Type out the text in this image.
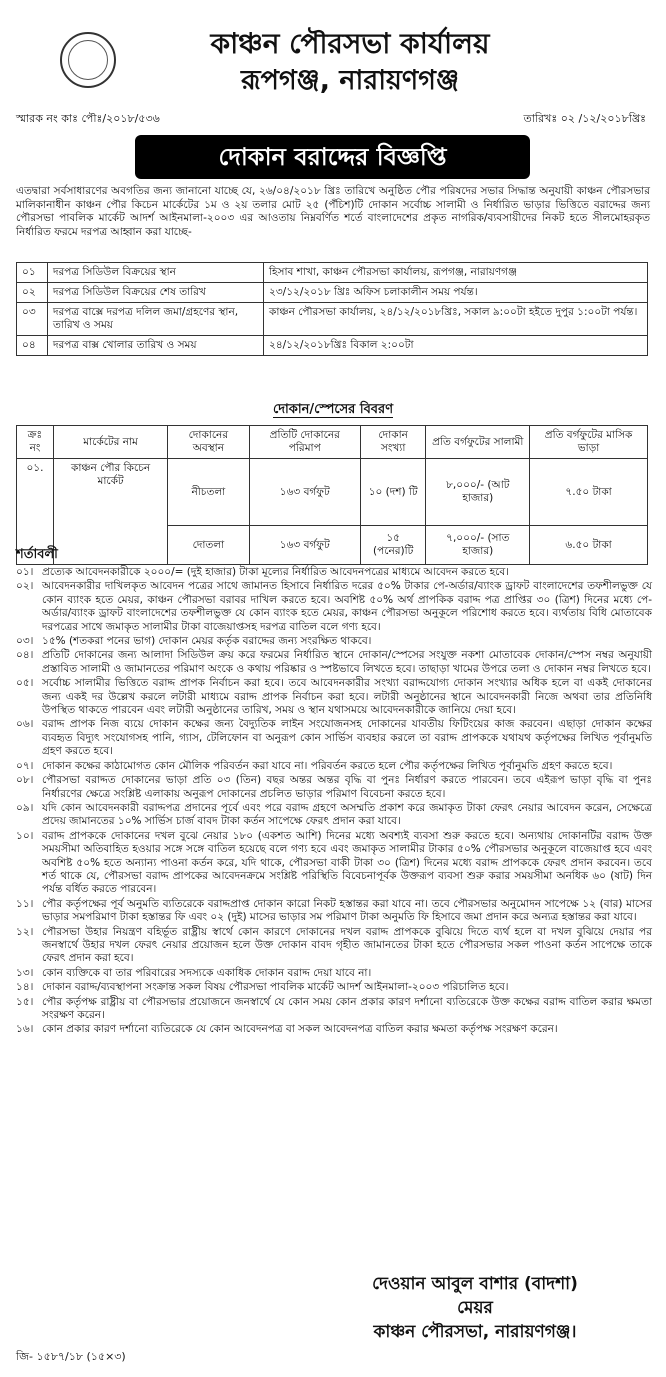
কাঞ্চন পৌরসভা কার্যালয়
রূপগঞ্জ, নারায়ণগঞ্জ
স্মারক নং কাঃ পৌঃ/২০১৮/৫৩৬	তারিখঃ ০২ /১২/২০১৮খ্রিঃ
দোকান বরাদ্দের বিজ্ঞপ্তি
এতদ্বারা সর্বসাধারণের অবগতির জন্য জানানো যাচ্ছে যে, ২৬/০৪/২০১৮ খ্রিঃ তারিখে অনুষ্ঠিত পৌর পরিষদের সভার সিদ্ধান্ত অনুযায়ী কাঞ্চন পৌরসভার মালিকানাধীন কাঞ্চন পৌর কিচেন মার্কেটের ১ম ও ২য় তলার মোট ২৫ (পঁচিশ)টি দোকান সর্বোচ্চ সালামী ও নির্ধারিত ভাড়ার ভিত্তিতে বরাদ্দের জন্য পৌরসভা পাবলিক মার্কেট আদর্শ আইনমালা-২০০৩ এর আওতায় নিম্নবর্ণিত শর্তে বাংলাদেশের প্রকৃত নাগরিক/ব্যবসায়ীদের নিকট হতে সীলমোহরকৃত নির্ধারিত ফরমে দরপত্র আহ্বান করা যাচ্ছে-
০১	দরপত্র সিডিউল বিক্রয়ের স্থান	হিসাব শাখা, কাঞ্চন পৌরসভা কার্যালয়, রূপগঞ্জ, নারায়ণগঞ্জ
০২	দরপত্র সিডিউল বিক্রয়ের শেষ তারিখ	২৩/১২/২০১৮ খ্রিঃ অফিস চলাকালীন সময় পর্যন্ত।
০৩	দরপত্র বাক্সে দরপত্র দলিল জমা/গ্রহণের স্থান, তারিখ ও সময়	কাঞ্চন পৌরসভা কার্যালয়, ২৪/১২/২০১৮খ্রিঃ, সকাল ৯:০০টা হইতে দুপুর ১:০০টা পর্যন্ত।
০৪	দরপত্র বাক্স খোলার তারিখ ও সময়	২৪/১২/২০১৮খ্রিঃ বিকাল ২:০০টা
দোকান/স্পেসের বিবরণ
ক্রঃ নং	মার্কেটের নাম	দোকানের অবস্থান	প্রতিটি দোকানের পরিমাপ	দোকান সংখ্যা	প্রতি বর্গফুটের সালামী	প্রতি বর্গফুটের মাসিক ভাড়া
০১.	কাঞ্চন পৌর কিচেন মার্কেট	নীচতলা	১৬৩ বর্গফুট	১০ (দশ) টি	৮,০০০/- (আট হাজার)	৭.৫০ টাকা
		দোতলা	১৬৩ বর্গফুট	১৫ (পনের)টি	৭,০০০/- (সাত হাজার)	৬.৫০ টাকা
শর্তাবলী
০১। প্রত্যেক আবেদনকারীকে ২০০০/= (দুই হাজার) টাকা মূল্যের নির্ধারিত আবেদনপত্রের মাধ্যমে আবেদন করতে হবে।
০২। আবেদনকারীর দাখিলকৃত আবেদন পত্রের সাথে জামানত হিসাবে নির্ধারিত দরের ৫০% টাকার পে-অর্ডার/ব্যাংক ড্রাফট বাংলাদেশের তফশীলভুক্ত যে কোন ব্যাংক হতে মেয়র, কাঞ্চন পৌরসভা বরাবর দাখিল করতে হবে। অবশিষ্ট ৫০% অর্থ প্রাপকিক বরাদ্দ পত্র প্রাপ্তির ৩০ (ত্রিশ) দিনের মধ্যে পে-অর্ডার/ব্যাংক ড্রাফট বাংলাদেশের তফশীলভুক্ত যে কোন ব্যাংক হতে মেয়র, কাঞ্চন পৌরসভা অনুকূলে পরিশোধ করতে হবে। ব্যর্থতায় বিধি মোতাবেক দরপত্রের সাথে জমাকৃত সালামীর টাকা বাজেয়াপ্তসহ দরপত্র বাতিল বলে গণ্য হবে।
০৩। ১৫% (শতকরা পনের ভাগ) দোকান মেয়র কর্তৃক বরাদ্দের জন্য সংরক্ষিত থাকবে।
০৪। প্রতিটি দোকানের জন্য আলাদা সিডিউল ক্রয় করে ফরমের নির্ধারিত স্থানে দোকান/স্পেসের সংযুক্ত নকশা মোতাবেক দোকান/স্পেস নম্বর অনুযায়ী প্রস্তাবিত সালামী ও জামানতের পরিমাণ অংকে ও কথায় পরিষ্কার ও স্পষ্টভাবে লিখতে হবে। তাছাড়া খামের উপরে তলা ও দোকান নম্বর লিখতে হবে।
০৫। সর্বোচ্চ সালামীর ভিত্তিতে বরাদ্দ প্রাপক নির্বাচন করা হবে। তবে আবেদনকারীর সংখ্যা বরাদ্দযোগ্য দোকান সংখ্যার অধিক হলে বা একই দোকানের জন্য একই দর উল্লেখ করলে লটারী মাধ্যমে বরাদ্দ প্রাপক নির্বাচন করা হবে। লটারী অনুষ্ঠানের স্থানে আবেদনকারী নিজে অথবা তার প্রতিনিধি উপস্থিত থাকতে পারবেন এবং লটারী অনুষ্ঠানের তারিখ, সময় ও স্থান যথাসময়ে আবেদনকারীকে জানিয়ে দেয়া হবে।
০৬। বরাদ্দ প্রাপক নিজ ব্যয়ে দোকান কক্ষের জন্য বৈদ্যুতিক লাইন সংযোজনসহ দোকানের যাবতীয় ফিটিংয়ের কাজ করবেন। এছাড়া দোকান কক্ষের ব্যবহৃত বিদ্যুৎ সংযোগসহ পানি, গ্যাস, টেলিফোন বা অনুরূপ কোন সার্ভিস ব্যবহার করলে তা বরাদ্দ প্রাপককে যথাযথ কর্তৃপক্ষের লিখিত পূর্বানুমতি গ্রহণ করতে হবে।
০৭। দোকান কক্ষের কাঠামোগত কোন মৌলিক পরিবর্তন করা যাবে না। পরিবর্তন করতে হলে পৌর কর্তৃপক্ষের লিখিত পূর্বানুমতি গ্রহণ করতে হবে।
০৮। পৌরসভা বরাদ্দত দোকানের ভাড়া প্রতি ০৩ (তিন) বছর অন্তর অন্তর বৃদ্ধি বা পুনঃ নির্ধারণ করতে পারবেন। তবে এইরূপ ভাড়া বৃদ্ধি বা পুনঃ নির্ধারণের ক্ষেত্রে সংশ্লিষ্ট এলাকায় অনুরূপ দোকানের প্রচলিত ভাড়ার পরিমাণ বিবেচনা করতে হবে।
০৯। যদি কোন আবেদনকারী বরাদ্দপত্র প্রদানের পূর্বে এবং পরে বরাদ্দ গ্রহণে অসম্মতি প্রকাশ করে জমাকৃত টাকা ফেরৎ নেয়ার আবেদন করেন, সেক্ষেত্রে প্রদেয় জামানতের ১০% সার্ভিস চার্জ বাবদ টাকা কর্তন সাপেক্ষে ফেরৎ প্রদান করা যাবে।
১০। বরাদ্দ প্রাপককে দোকানের দখল বুঝে নেয়ার ১৮০ (একশত আশি) দিনের মধ্যে অবশ্যই ব্যবসা শুরু করতে হবে। অন্যথায় দোকানটির বরাদ্দ উক্ত সময়সীমা অতিবাহিত হওয়ার সঙ্গে সঙ্গে বাতিল হয়েছে বলে গণ্য হবে এবং জমাকৃত সালামীর টাকার ৫০% পৌরসভার অনুকূলে বাজেয়াপ্ত হবে এবং অবশিষ্ট ৫০% হতে অন্যান্য পাওনা কর্তন করে, যদি থাকে, পৌরসভা বাকী টাকা ৩০ (ত্রিশ) দিনের মধ্যে বরাদ্দ প্রাপককে ফেরৎ প্রদান করবেন। তবে শর্ত থাকে যে, পৌরসভা বরাদ্দ প্রাপকের আবেদনক্রমে সংশ্লিষ্ট পরিস্থিতি বিবেচনাপূর্বক উক্তরূপ ব্যবসা শুরু করার সময়সীমা অনধিক ৬০ (ষাট) দিন পর্যন্ত বর্ধিত করতে পারবেন।
১১। পৌর কর্তৃপক্ষের পূর্ব অনুমতি ব্যতিরেকে বরাদ্দপ্রাপ্ত দোকান কারো নিকট হস্তান্তর করা যাবে না। তবে পৌরসভার অনুমোদন সাপেক্ষে ১২ (বার) মাসের ভাড়ার সমপরিমাণ টাকা হস্তান্তর ফি এবং ০২ (দুই) মাসের ভাড়ার সম পরিমাণ টাকা অনুমতি ফি হিসাবে জমা প্রদান করে অন্যত্র হস্তান্তর করা যাবে।
১২। পৌরসভা উহার নিয়ন্ত্রণ বহির্ভূত রাষ্ট্রীয় স্বার্থে কোন কারণে দোকানের দখল বরাদ্দ প্রাপককে বুঝিয়ে দিতে ব্যর্থ হলে বা দখল বুঝিয়ে দেয়ার পর জনস্বার্থে উহার দখল ফেরৎ নেয়ার প্রয়োজন হলে উক্ত দোকান বাবদ গৃহীত জামানতের টাকা হতে পৌরসভার সকল পাওনা কর্তন সাপেক্ষে তাকে ফেরৎ প্রদান করা হবে।
১৩। কোন ব্যক্তিকে বা তার পরিবারের সদস্যকে একাধিক দোকান বরাদ্দ দেয়া যাবে না।
১৪। দোকান বরাদ্দ/ব্যবস্থাপনা সংক্রান্ত সকল বিষয় পৌরসভা পাবলিক মার্কেট আদর্শ আইনমালা-২০০৩ পরিচালিত হবে।
১৫। পৌর কর্তৃপক্ষ রাষ্ট্রীয় বা পৌরসভার প্রয়োজনে জনস্বার্থে যে কোন সময় কোন প্রকার কারণ দর্শানো ব্যতিরেকে উক্ত কক্ষের বরাদ্দ বাতিল করার ক্ষমতা সংরক্ষণ করেন।
১৬। কোন প্রকার কারণ দর্শানো ব্যতিরেকে যে কোন আবেদনপত্র বা সকল আবেদনপত্র বাতিল করার ক্ষমতা কর্তৃপক্ষ সংরক্ষণ করেন।
দেওয়ান আবুল বাশার (বাদশা)
মেয়র
কাঞ্চন পৌরসভা, নারায়ণগঞ্জ।
জি- ১৫৮৭/১৮ (১৫×৩)
